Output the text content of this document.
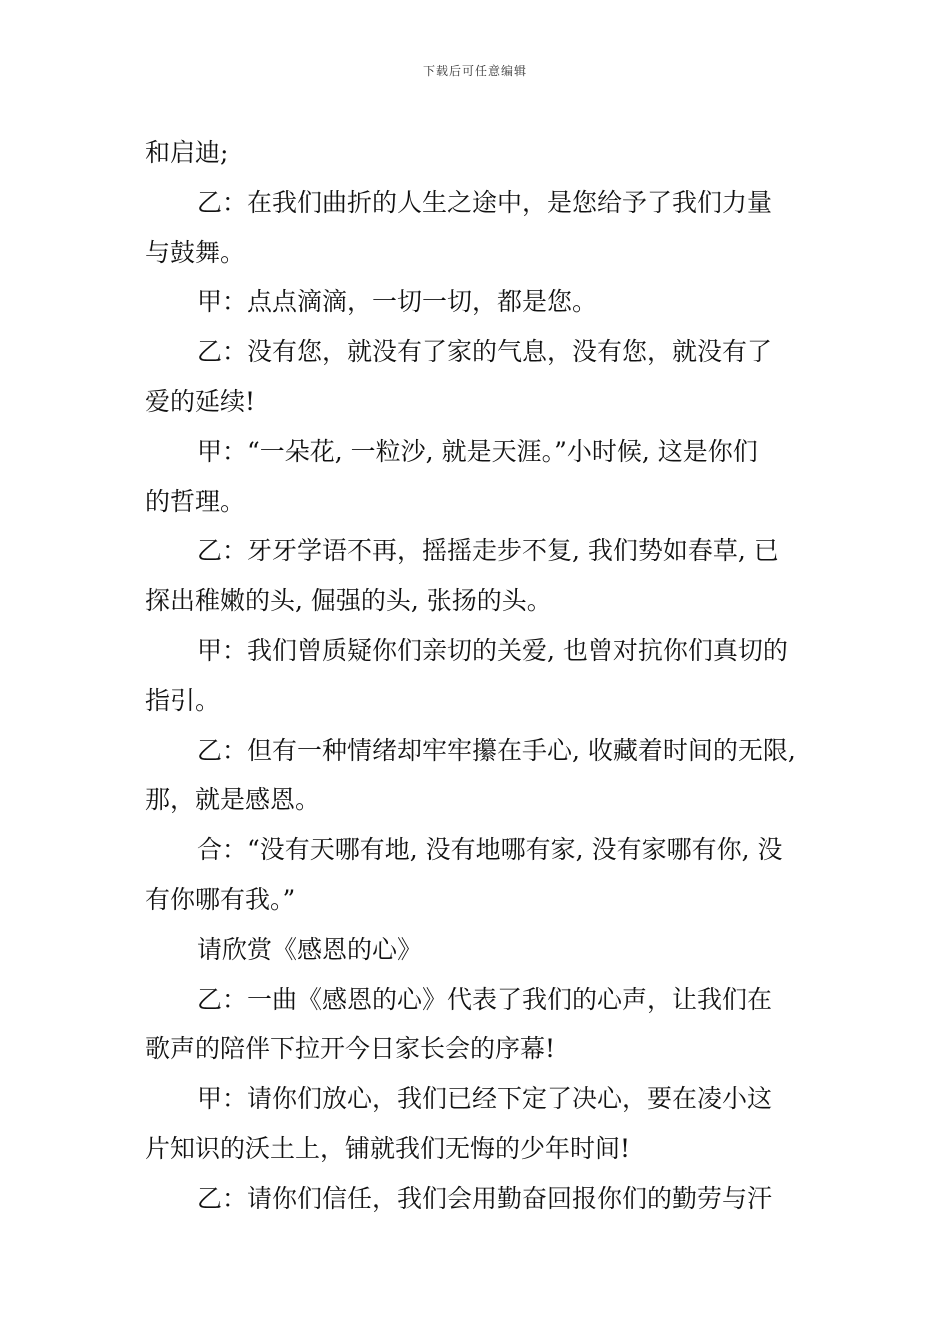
下载后可任意编辑

和启迪;

乙：在我们曲折的人生之途中，是您给予了我们力量

与鼓舞。

甲：点点滴滴，一切一切，都是您。

乙：没有您，就没有了家的气息，没有您，就没有了

爱的延续!

甲：“一朵花, 一粒沙, 就是天涯。”小时候, 这是你们

的哲理。

乙：牙牙学语不再，摇摇走步不复, 我们势如春草, 已

探出稚嫩的头, 倔强的头, 张扬的头。

甲：我们曾质疑你们亲切的关爱, 也曾对抗你们真切的

指引。

乙：但有一种情绪却牢牢攥在手心, 收藏着时间的无限,

那，就是感恩。

合：“没有天哪有地, 没有地哪有家, 没有家哪有你, 没

有你哪有我。”

请欣赏《感恩的心》

乙：一曲《感恩的心》代表了我们的心声，让我们在

歌声的陪伴下拉开今日家长会的序幕!

甲：请你们放心，我们已经下定了决心，要在凌小这

片知识的沃土上，铺就我们无悔的少年时间!

乙：请你们信任，我们会用勤奋回报你们的勤劳与汗
